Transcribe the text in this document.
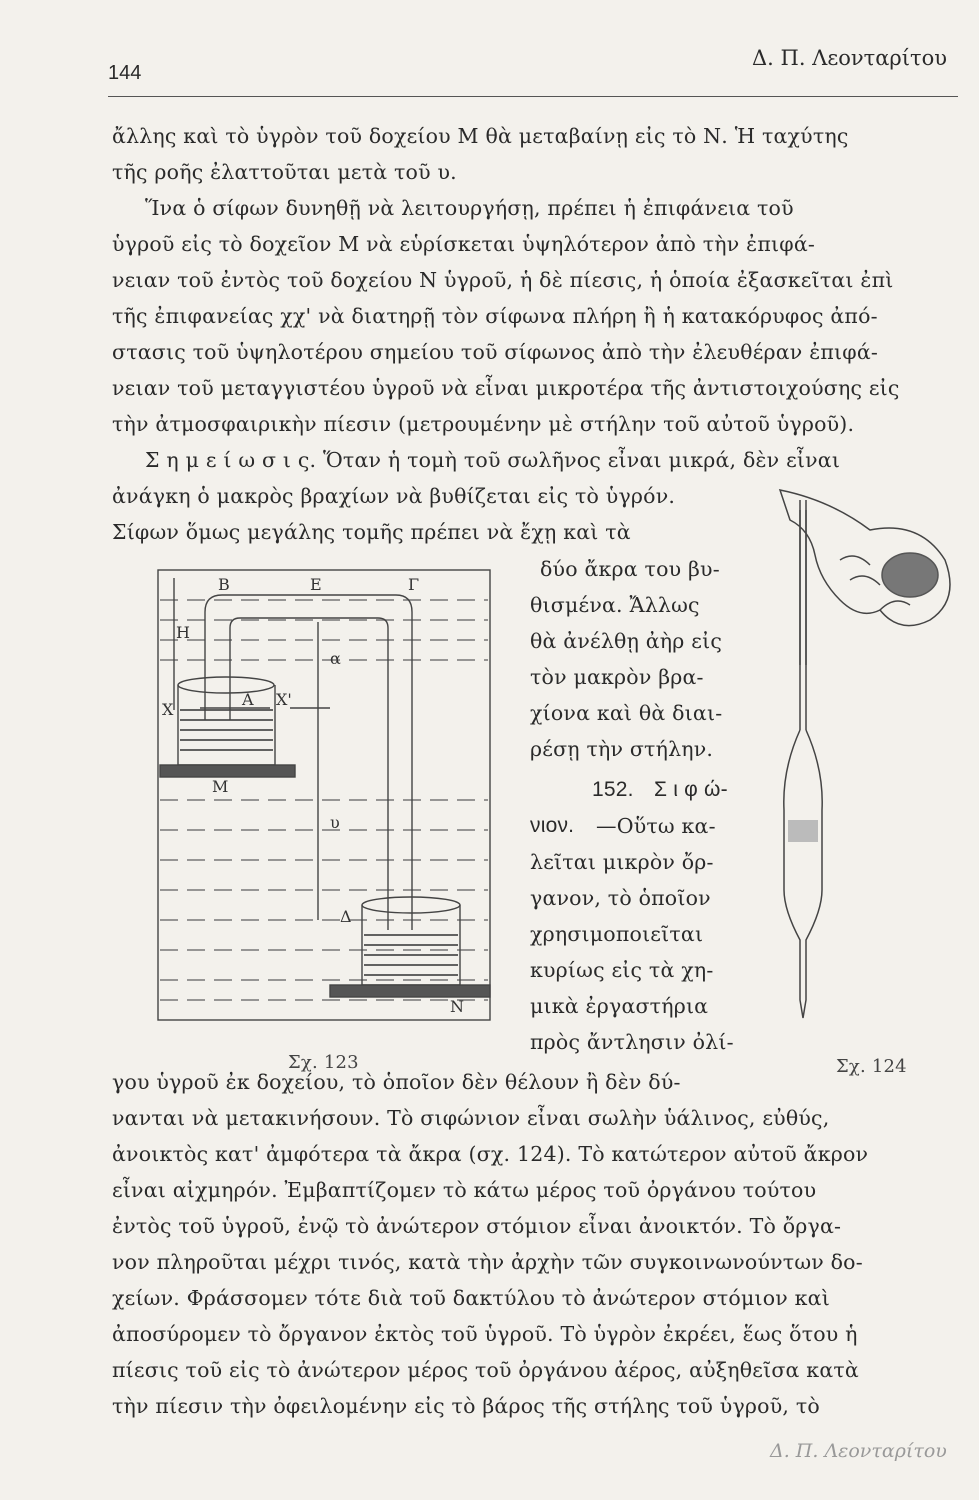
144
Δ. Π. Λεονταρίτου
ἄλλης καὶ τὸ ὑγρὸν τοῦ δοχείου Μ θὰ μεταβαίνῃ εἰς τὸ Ν. Ἡ ταχύτης
τῆς ροῆς ἐλαττοῦται μετὰ τοῦ υ.
Ἵνα ὁ σίφων δυνηθῇ νὰ λειτουργήσῃ, πρέπει ἡ ἐπιφάνεια τοῦ
ὑγροῦ εἰς τὸ δοχεῖον Μ νὰ εὑρίσκεται ὑψηλότερον ἀπὸ τὴν ἐπιφά-
νειαν τοῦ ἐντὸς τοῦ δοχείου Ν ὑγροῦ, ἡ δὲ πίεσις, ἡ ὁποία ἐξασκεῖται ἐπὶ
τῆς ἐπιφανείας χχ' νὰ διατηρῇ τὸν σίφωνα πλήρη ἢ ἡ κατακόρυφος ἀπό-
στασις τοῦ ὑψηλοτέρου σημείου τοῦ σίφωνος ἀπὸ τὴν ἐλευθέραν ἐπιφά-
νειαν τοῦ μεταγγιστέου ὑγροῦ νὰ εἶναι μικροτέρα τῆς ἀντιστοιχούσης εἰς
τὴν ἀτμοσφαιρικὴν πίεσιν (μετρουμένην μὲ στήλην τοῦ αὐτοῦ ὑγροῦ).
Σ η μ ε ί ω σ ι ς. Ὅταν ἡ τομὴ τοῦ σωλῆνος εἶναι μικρά, δὲν εἶναι
ἀνάγκη ὁ μακρὸς βραχίων νὰ βυθίζεται εἰς τὸ ὑγρόν.
Σίφων ὅμως μεγάλης τομῆς πρέπει νὰ ἔχῃ καὶ τὰ
B	E	Γ
Η
α
Χ
Α Χ'
Μ
υ
Δ
Ν
Σχ. 123
δύο ἄκρα του βυ-
θισμένα. Ἄλλως
θὰ ἀνέλθῃ ἀὴρ εἰς
τὸν μακρὸν βρα-
χίονα καὶ θὰ διαι-
ρέσῃ τὴν στήλην.
152. Σ ι φ ώ-
νιον. —Οὕτω κα-
λεῖται μικρὸν ὄρ-
γανον, τὸ ὁποῖον
χρησιμοποιεῖται
κυρίως εἰς τὰ χη-
μικὰ ἐργαστήρια
πρὸς ἄντλησιν ὀλί-
Σχ. 124
γου ὑγροῦ ἐκ δοχείου, τὸ ὁποῖον δὲν θέλουν ἢ δὲν δύ-
νανται νὰ μετακινήσουν. Τὸ σιφώνιον εἶναι σωλὴν ὑάλινος, εὐθύς,
ἀνοικτὸς κατ' ἀμφότερα τὰ ἄκρα (σχ. 124). Τὸ κατώτερον αὐτοῦ ἄκρον
εἶναι αἰχμηρόν. Ἐμβαπτίζομεν τὸ κάτω μέρος τοῦ ὀργάνου τούτου
ἐντὸς τοῦ ὑγροῦ, ἐνῷ τὸ ἀνώτερον στόμιον εἶναι ἀνοικτόν. Τὸ ὄργα-
νον πληροῦται μέχρι τινός, κατὰ τὴν ἀρχὴν τῶν συγκοινωνούντων δο-
χείων. Φράσσομεν τότε διὰ τοῦ δακτύλου τὸ ἀνώτερον στόμιον καὶ
ἀποσύρομεν τὸ ὄργανον ἐκτὸς τοῦ ὑγροῦ. Τὸ ὑγρὸν ἐκρέει, ἕως ὅτου ἡ
πίεσις τοῦ εἰς τὸ ἀνώτερον μέρος τοῦ ὀργάνου ἀέρος, αὐξηθεῖσα κατὰ
τὴν πίεσιν τὴν ὀφειλομένην εἰς τὸ βάρος τῆς στήλης τοῦ ὑγροῦ, τὸ
Δ. Π. Λεονταρίτου
